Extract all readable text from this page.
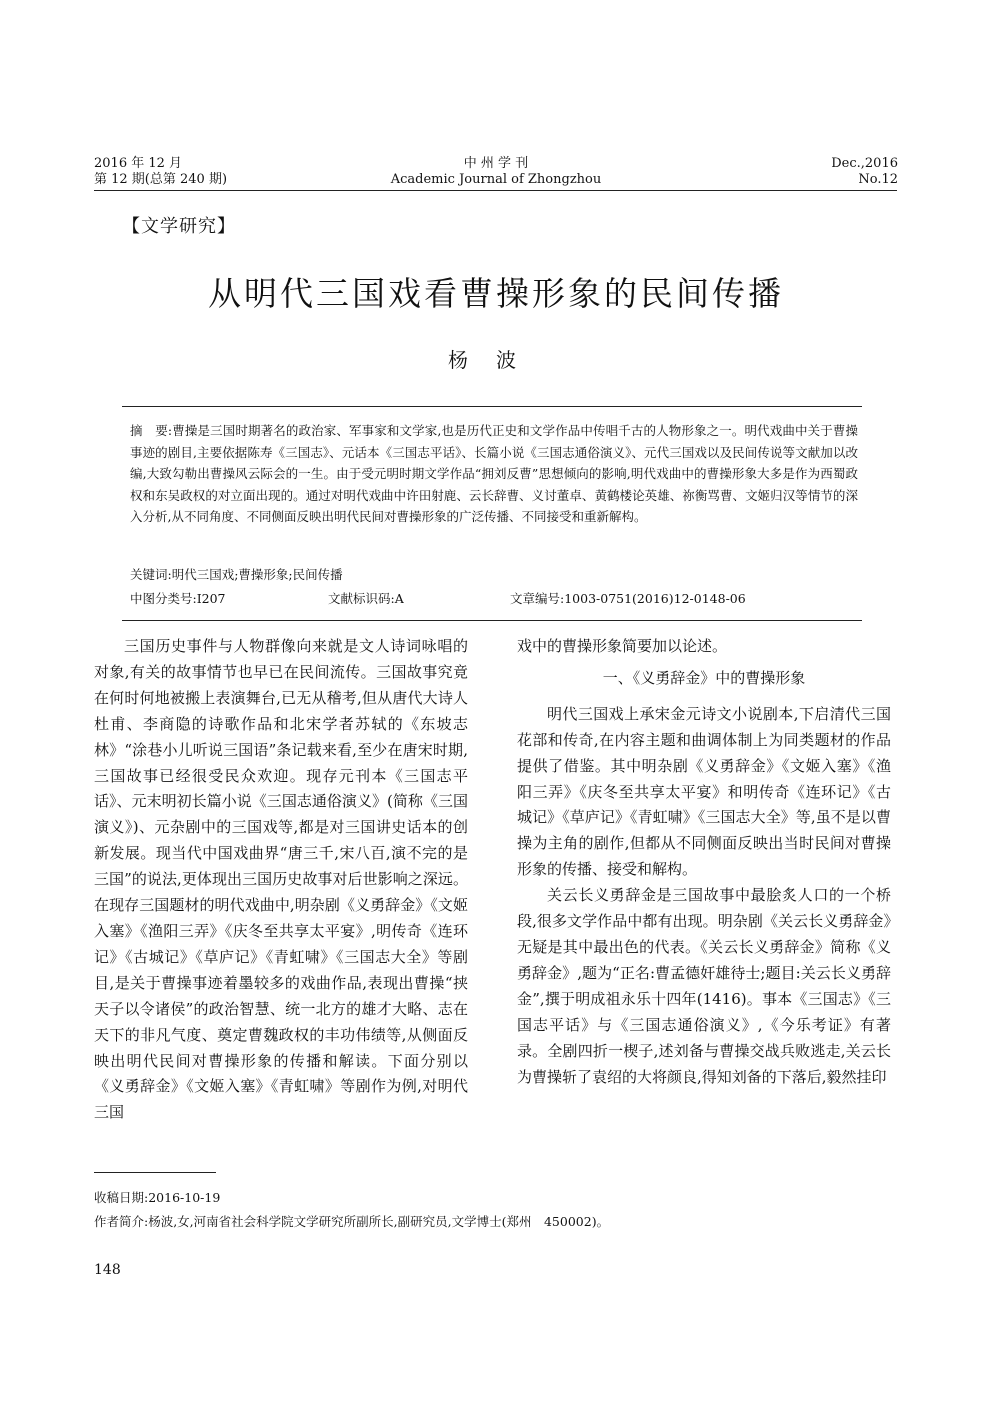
2016 年 12 月
第 12 期(总第 240 期)
中 州 学 刊
Academic Journal of Zhongzhou
Dec.,2016
No.12
【文学研究】
从明代三国戏看曹操形象的民间传播
杨波
摘　要:曹操是三国时期著名的政治家、军事家和文学家,也是历代正史和文学作品中传唱千古的人物形象之一。明代戏曲中关于曹操事迹的剧目,主要依据陈寿《三国志》、元话本《三国志平话》、长篇小说《三国志通俗演义》、元代三国戏以及民间传说等文献加以改编,大致勾勒出曹操风云际会的一生。由于受元明时期文学作品“拥刘反曹”思想倾向的影响,明代戏曲中的曹操形象大多是作为西蜀政权和东吴政权的对立面出现的。通过对明代戏曲中许田射鹿、云长辞曹、义讨董卓、黄鹤楼论英雄、祢衡骂曹、文姬归汉等情节的深入分析,从不同角度、不同侧面反映出明代民间对曹操形象的广泛传播、不同接受和重新解构。
关键词:明代三国戏;曹操形象;民间传播
中图分类号:I207	文献标识码:A	文章编号:1003-0751(2016)12-0148-06

三国历史事件与人物群像向来就是文人诗词咏唱的对象,有关的故事情节也早已在民间流传。三国故事究竟在何时何地被搬上表演舞台,已无从稽考,但从唐代大诗人杜甫、李商隐的诗歌作品和北宋学者苏轼的《东坡志林》“涂巷小儿听说三国语”条记载来看,至少在唐宋时期,三国故事已经很受民众欢迎。现存元刊本《三国志平话》、元末明初长篇小说《三国志通俗演义》(简称《三国演义》)、元杂剧中的三国戏等,都是对三国讲史话本的创新发展。现当代中国戏曲界“唐三千,宋八百,演不完的是三国”的说法,更体现出三国历史故事对后世影响之深远。在现存三国题材的明代戏曲中,明杂剧《义勇辞金》《文姬入塞》《渔阳三弄》《庆冬至共享太平宴》,明传奇《连环记》《古城记》《草庐记》《青虹啸》《三国志大全》等剧目,是关于曹操事迹着墨较多的戏曲作品,表现出曹操“挟天子以令诸侯”的政治智慧、统一北方的雄才大略、志在天下的非凡气度、奠定曹魏政权的丰功伟绩等,从侧面反映出明代民间对曹操形象的传播和解读。下面分别以《义勇辞金》《文姬入塞》《青虹啸》等剧作为例,对明代三国

戏中的曹操形象简要加以论述。

一、《义勇辞金》中的曹操形象

明代三国戏上承宋金元诗文小说剧本,下启清代三国花部和传奇,在内容主题和曲调体制上为同类题材的作品提供了借鉴。其中明杂剧《义勇辞金》《文姬入塞》《渔阳三弄》《庆冬至共享太平宴》和明传奇《连环记》《古城记》《草庐记》《青虹啸》《三国志大全》等,虽不是以曹操为主角的剧作,但都从不同侧面反映出当时民间对曹操形象的传播、接受和解构。

关云长义勇辞金是三国故事中最脍炙人口的一个桥段,很多文学作品中都有出现。明杂剧《关云长义勇辞金》无疑是其中最出色的代表。《关云长义勇辞金》简称《义勇辞金》,题为“正名:曹孟德奸雄待士;题目:关云长义勇辞金”,撰于明成祖永乐十四年(1416)。事本《三国志》《三国志平话》与《三国志通俗演义》,《今乐考证》有著录。全剧四折一楔子,述刘备与曹操交战兵败逃走,关云长为曹操斩了袁绍的大将颜良,得知刘备的下落后,毅然挂印

收稿日期:2016-10-19
作者简介:杨波,女,河南省社会科学院文学研究所副所长,副研究员,文学博士(郑州　450002)。
148
